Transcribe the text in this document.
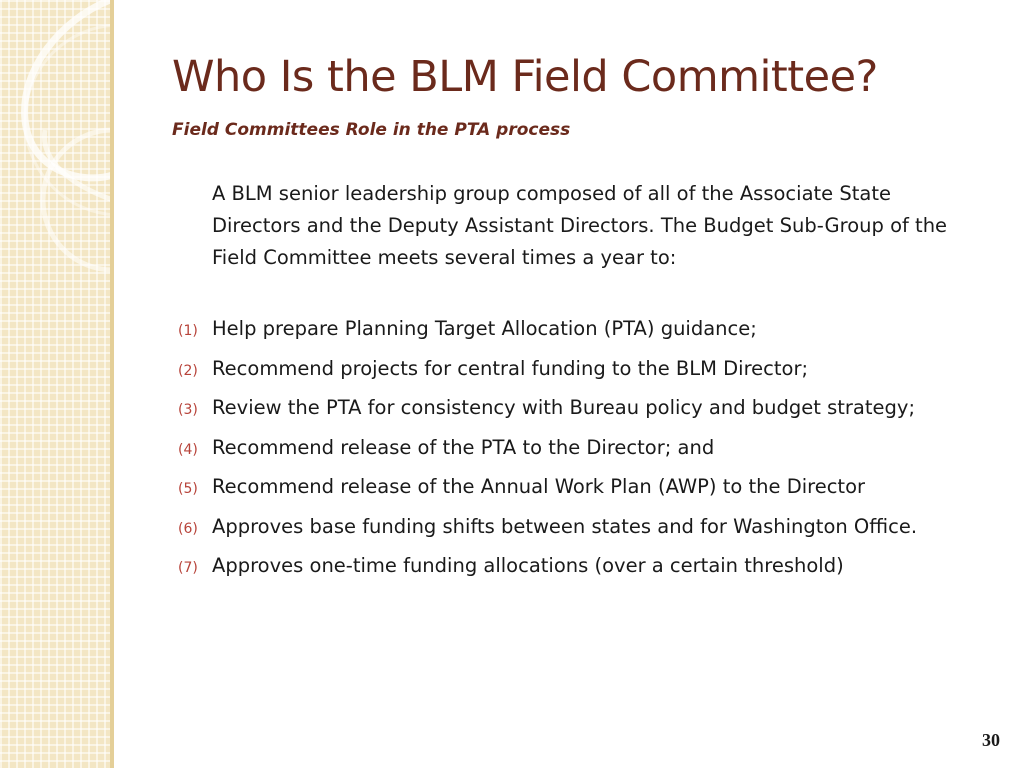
Who Is the BLM Field Committee?
Field Committees Role in the PTA process

A BLM senior leadership group composed of all of the Associate State Directors and the Deputy Assistant Directors. The Budget Sub-Group of the Field Committee meets several times a year to:

(1) Help prepare Planning Target Allocation (PTA) guidance;
(2) Recommend projects for central funding to the BLM Director;
(3) Review the PTA for consistency with Bureau policy and budget strategy;
(4) Recommend release of the PTA to the Director; and
(5) Recommend release of the Annual Work Plan (AWP) to the Director
(6) Approves base funding shifts between states and for Washington Office.
(7) Approves one-time funding allocations (over a certain threshold)

30
